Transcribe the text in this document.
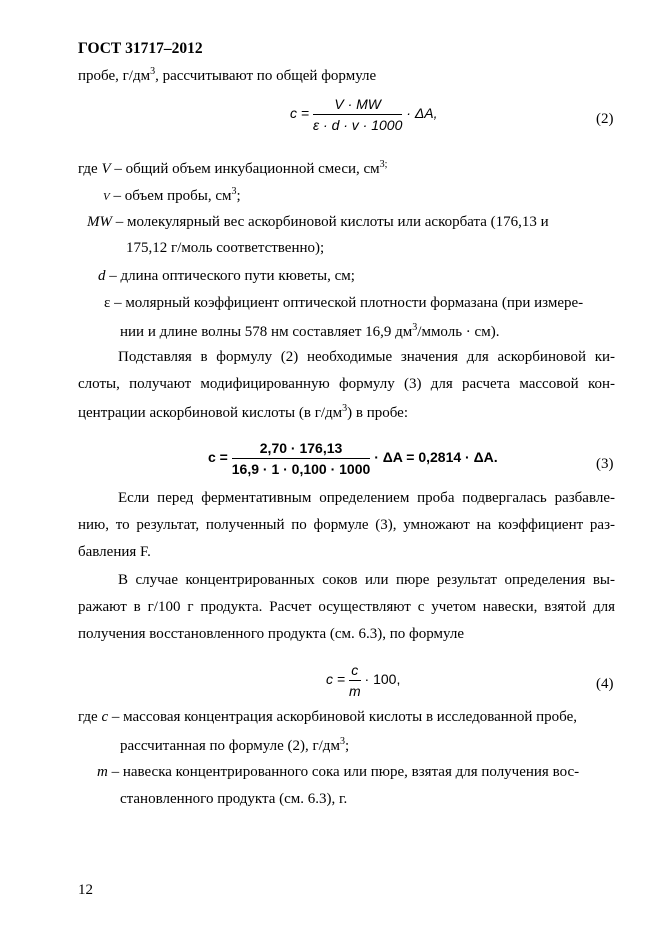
ГОСТ 31717–2012
пробе, $г/дм^3$, рассчитывают по общей формуле
$c = \frac{V \cdot MW}{\varepsilon \cdot d \cdot v \cdot 1000} \cdot \Delta A$,	(2)
где V – общий объем инкубационной смеси, $см^{3;}$
V – объем пробы, $см^3$;
MW – молекулярный вес аскорбиновой кислоты или аскорбата (176,13 и
175,12 г/моль соответственно);
d – длина оптического пути кюветы, см;
ε – молярный коэффициент оптической плотности формазана (при измере-
нии и длине волны 578 нм составляет 16,9 $дм^3$/ммоль · см).
Подставляя в формулу (2) необходимые значения для аскорбиновой ки-
слоты, получают модифицированную формулу (3) для расчета массовой кон-
центрации аскорбиновой кислоты (в $г/дм^3$) в пробе:
$c = \frac{2,70 \cdot 176,13}{16,9 \cdot 1 \cdot 0,100 \cdot 1000} \cdot \Delta A = 0,2814 \cdot \Delta A$.	(3)
Если перед ферментативным определением проба подвергалась разбавле-
нию, то результат, полученный по формуле (3), умножают на коэффициент раз-
бавления F.
В случае концентрированных соков или пюре результат определения вы-
ражают в г/100 г продукта. Расчет осуществляют с учетом навески, взятой для
получения восстановленного продукта (см. 6.3), по формуле
$c = \frac{c}{m} \cdot 100$,	(4)
где c – массовая концентрация аскорбиновой кислоты в исследованной пробе,
рассчитанная по формуле (2), $г/дм^3$;
m – навеска концентрированного сока или пюре, взятая для получения вос-
становленного продукта (см. 6.3), г.
12
